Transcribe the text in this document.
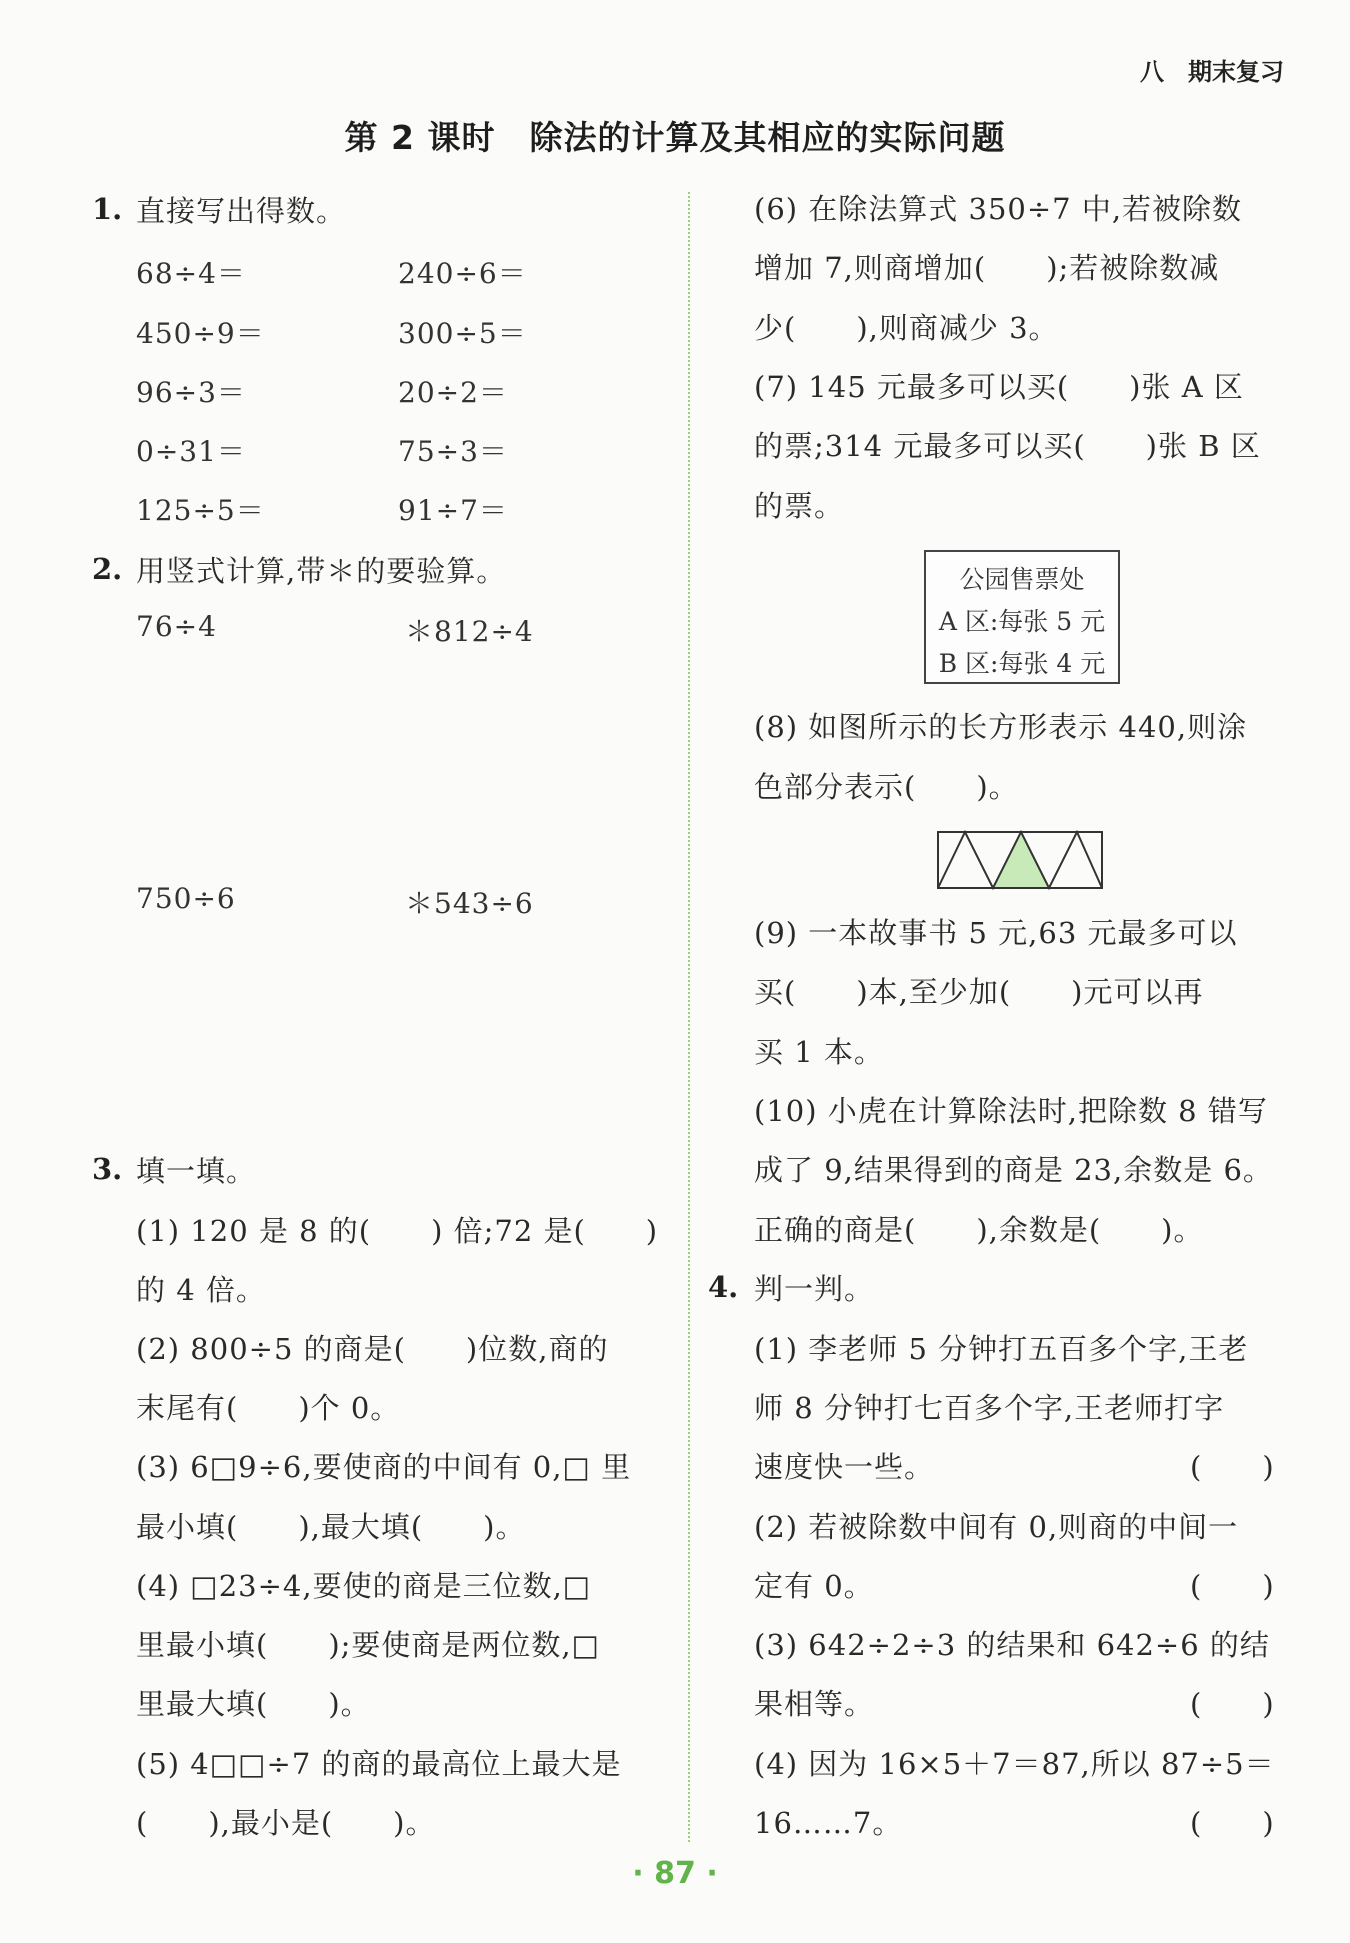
八　期末复习
第 2 课时　除法的计算及其相应的实际问题
1. 直接写出得数。
68÷4＝	240÷6＝
450÷9＝	300÷5＝
96÷3＝	20÷2＝
0÷31＝	75÷3＝
125÷5＝	91÷7＝
2. 用竖式计算,带＊的要验算。
76÷4	＊812÷4
750÷6	＊543÷6
3. 填一填。
(1) 120 是 8 的(　　) 倍;72 是(　　)
的 4 倍。
(2) 800÷5 的商是(　　)位数,商的
末尾有(　　)个 0。
(3) 6□9÷6,要使商的中间有 0,□ 里
最小填(　　),最大填(　　)。
(4) □23÷4,要使的商是三位数,□
里最小填(　　);要使商是两位数,□
里最大填(　　)。
(5) 4□□÷7 的商的最高位上最大是
(　　),最小是(　　)。
(6) 在除法算式 350÷7 中,若被除数
增加 7,则商增加(　　);若被除数减
少(　　),则商减少 3。
(7) 145 元最多可以买(　　)张 A 区
的票;314 元最多可以买(　　)张 B 区
的票。
公园售票处
A 区:每张 5 元
B 区:每张 4 元
(8) 如图所示的长方形表示 440,则涂
色部分表示(　　)。
(9) 一本故事书 5 元,63 元最多可以
买(　　)本,至少加(　　)元可以再
买 1 本。
(10) 小虎在计算除法时,把除数 8 错写
成了 9,结果得到的商是 23,余数是 6。
正确的商是(　　),余数是(　　)。
4. 判一判。
(1) 李老师 5 分钟打五百多个字,王老
师 8 分钟打七百多个字,王老师打字
速度快一些。	(　　)
(2) 若被除数中间有 0,则商的中间一
定有 0。	(　　)
(3) 642÷2÷3 的结果和 642÷6 的结
果相等。	(　　)
(4) 因为 16×5＋7＝87,所以 87÷5＝
16……7。	(　　)
· 87 ·
